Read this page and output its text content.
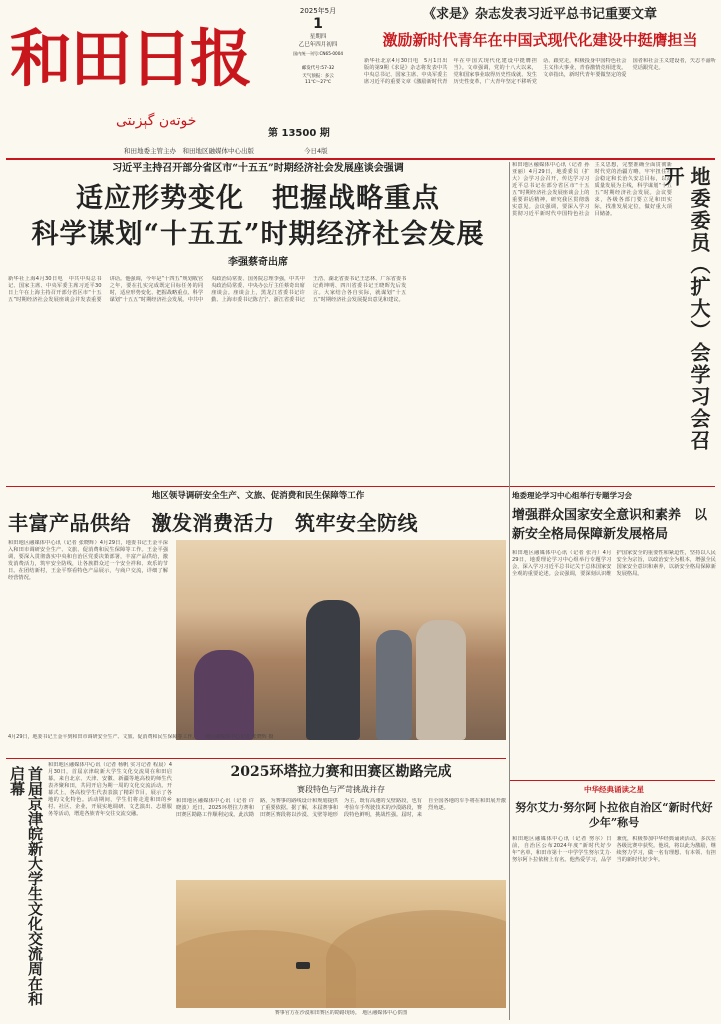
和田日报
خوتەن گېزىتى
第 13500 期
和田地委主管主办　和田地区融媒体中心出版	今日4版
2025年5月
1
星期四
乙巳年四月初四
国内统一刊号:CN65-0004
邮发代号:57-32
天气预报：多云
11℃～27℃
《求是》杂志发表习近平总书记重要文章
激励新时代青年在中国式现代化建设中挺膺担当
新华社北京4月30日电　5月1日出版的第9期《求是》杂志将发表中共中央总书记、国家主席、中央军委主席习近平的重要文章《激励新时代青年在中国式现代化建设中挺膺担当》。文章强调，党的十八大以来，党和国家事业取得历史性成就、发生历史性变革，广大青年坚定不移听党话、跟党走，积极投身中国特色社会主义伟大事业，青春激情竞相迸发。文章指出，新时代青年要做坚定的爱国者和社会主义建设者，矢志不渝听党话跟党走。
习近平主持召开部分省区市“十五五”时期经济社会发展座谈会强调
适应形势变化　把握战略重点
科学谋划“十五五”时期经济社会发展
李强蔡奇出席
新华社上海4月30日电　中共中央总书记、国家主席、中央军委主席习近平30日上午在上海主持召开部分省区市“十五五”时期经济社会发展座谈会并发表重要讲话。他强调，今年是“十四五”规划收官之年，要在扎实完成既定目标任务的同时，适应形势变化、把握战略重点、科学谋划“十五五”时期经济社会发展。中共中央政治局常委、国务院总理李强，中共中央政治局常委、中央办公厅主任蔡奇出席座谈会。座谈会上，黑龙江省委书记许勤、上海市委书记陈吉宁、浙江省委书记王浩、湖北省委书记王忠林、广东省委书记黄坤明、四川省委书记王晓晖先后发言。大家结合各自实际，就谋划“十五五”时期经济社会发展提出意见和建议。
和田地区融媒体中心讯（记者 孙亚丽）4月29日，地委委员（扩大）会学习会召开，传达学习习近平总书记在部分省区市“十五五”时期经济社会发展座谈会上的重要讲话精神，研究我区贯彻落实意见。会议强调，要深入学习贯彻习近平新时代中国特色社会主义思想，完整准确全面贯彻新时代党的治疆方略，牢牢扭住社会稳定和长治久安总目标，以高质量发展为主线，科学谋划“十五五”时期经济社会发展。会议要求，各级各部门要立足和田实际，找准发展定位，做好重大项目储备。	地委委员（扩大）会学习会召开
地区领导调研安全生产、文旅、促消费和民生保障等工作
丰富产品供给　激发消费活力　筑牢安全防线
和田地区融媒体中心讯（记者 张晓辉）4月29日，地委书记王金平深入和田市调研安全生产、文旅、促消费和民生保障等工作。王金平强调，要深入贯彻落实中央和自治区党委决策部署，丰富产品供给，激发消费活力，筑牢安全防线，让各族群众过一个安全祥和、欢乐的节日。在团结新村，王金平察看特色产品展示，与商户交流，详细了解经营情况。
4月29日，地委书记王金平到和田市调研安全生产、文旅、促消费和民生保障等工作。 地区融媒体中心记者 张晓辉 摄
地委理论学习中心组举行专题学习会
增强群众国家安全意识和素养　以新安全格局保障新发展格局
和田地区融媒体中心讯（记者 张丹）4月29日，地委理论学习中心组举行专题学习会，深入学习习近平总书记关于总体国家安全观的重要论述。会议强调，要深刻认识维护国家安全的重要性和紧迫性，坚持以人民安全为宗旨，以政治安全为根本，增强全民国家安全意识和素养，以新安全格局保障新发展格局。
首届京津皖新大学生文化交流周在和启幕
和田地区融媒体中心讯（记者 杨帆 实习记者 程晨）4月30日，首届京津皖新大学生文化交流周在和田启幕。来自北京、天津、安徽、新疆等地高校的师生代表齐聚和田，共同开启为期一周的文化交流活动。开幕式上，各高校学生代表表演了精彩节目，展示了各地的文化特色。活动期间，学生们将走进和田的乡村、社区、企业，开展实地调研、文艺演出、志愿服务等活动，增进各族青年交往交流交融。
2025环塔拉力赛和田赛区勘路完成
赛段特色与严苛挑战并存
和田地区融媒体中心讯（记者 许晓波）近日，2025环塔拉力赛和田赛区勘路工作顺利完成。此次勘路，为赛事的路线设计和规划提供了重要依据。据了解，本届赛事和田赛区赛段将以沙漠、戈壁等地形为主，既有高速的戈壁路段，也有考验车手驾驶技术的沙漠路段，赛段特色鲜明，挑战性强。届时，来自全国各地的车手将在和田展开激烈角逐。
赛事官方在沙漠和田赛区的勘路现场。　地区融媒体中心供图
中华经典诵读之星
努尔艾力·努尔阿卜拉依自治区“新时代好少年”称号
和田地区融媒体中心讯（记者 努尔）日前，自治区公布2024年度“新时代好少年”名单，和田市第十一中学学生努尔艾力·努尔阿卜拉依榜上有名。他热爱学习，品学兼优，积极参加中华经典诵读活动，多次在各级比赛中获奖。他说，将以此为激励，继续努力学习，做一名有理想、有本领、有担当的新时代好少年。
